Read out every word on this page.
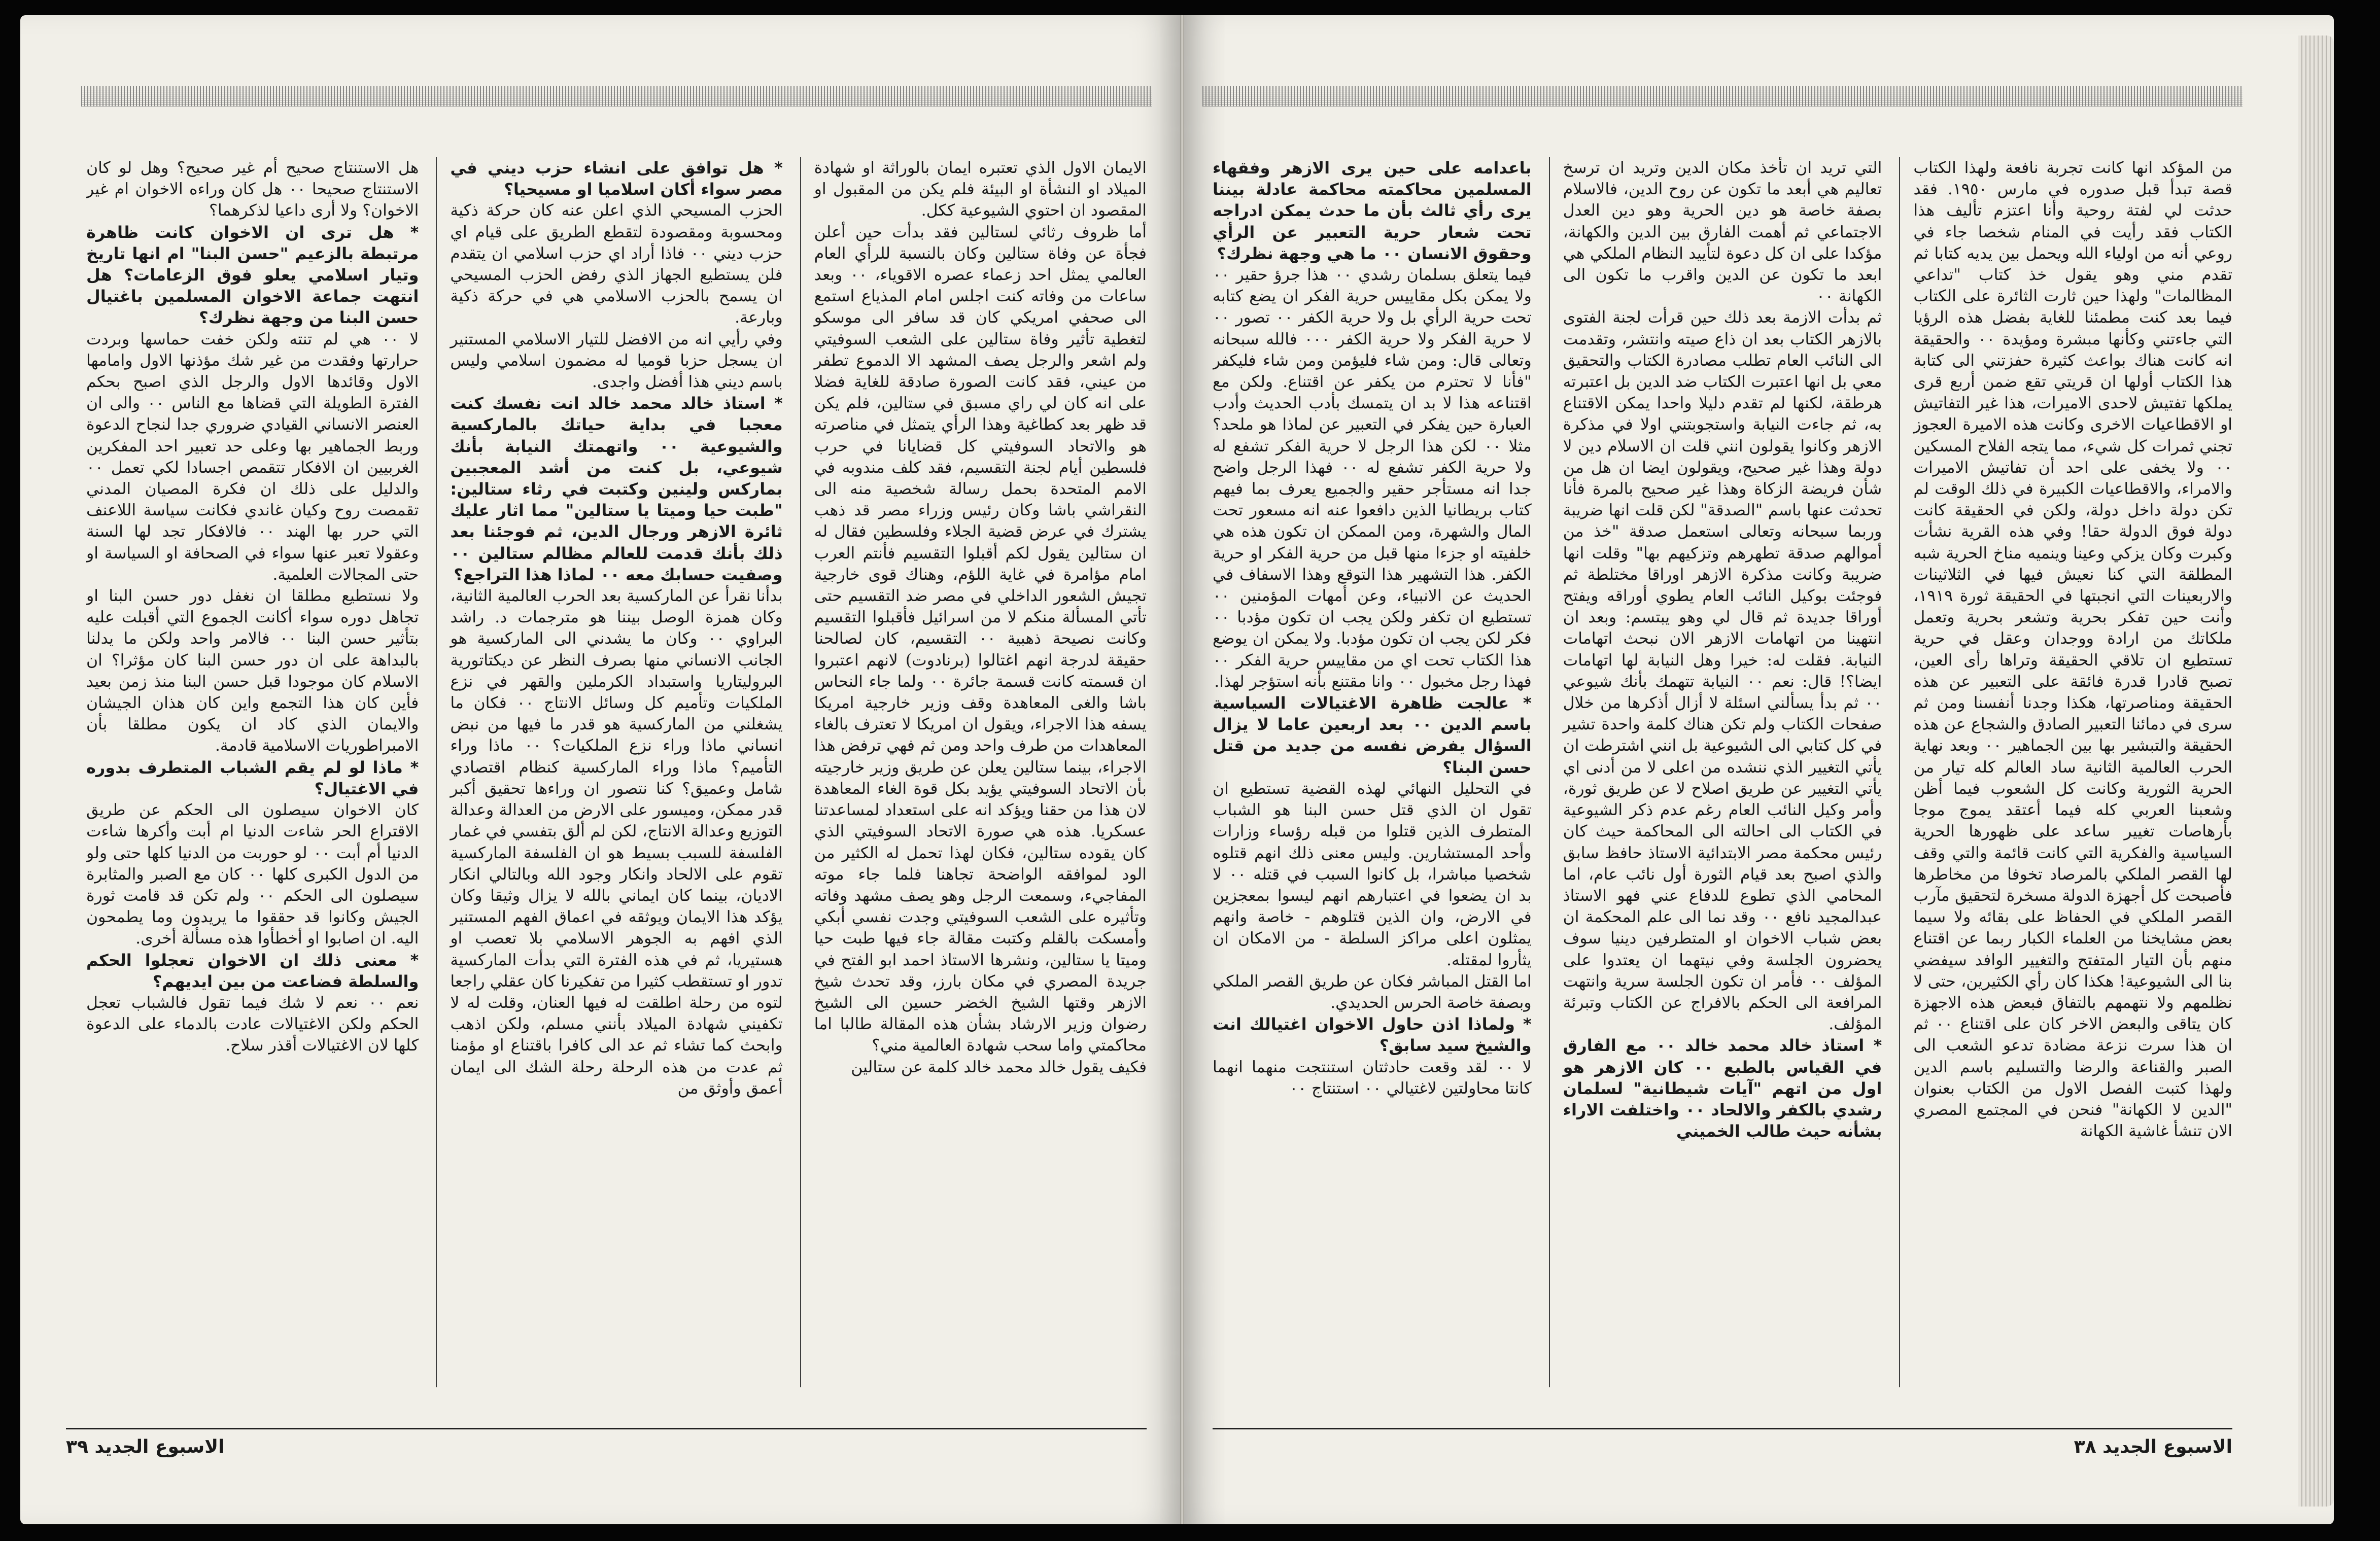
الايمان الاول الذي تعتبره ايمان بالوراثة او شهادة الميلاد او النشأة او البيئة فلم يكن من المقبول او المقصود ان احتوي الشيوعية ككل.

أما ظروف رثائي لستالين فقد بدأت حين أعلن فجأة عن وفاة ستالين وكان بالنسبة للرأي العام العالمي يمثل احد زعماء عصره الاقوياء، ٠٠ وبعد ساعات من وفاته كنت اجلس امام المذياع استمع الى صحفي امريكي كان قد سافر الى موسكو لتغطية تأثير وفاة ستالين على الشعب السوفيتي ولم اشعر والرجل يصف المشهد الا الدموع تطفر من عيني، فقد كانت الصورة صادقة للغاية فضلا على انه كان لي راي مسبق في ستالين، فلم يكن قد ظهر بعد كطاغية وهذا الرأي يتمثل في مناصرته هو والاتحاد السوفيتي كل قضايانا في حرب فلسطين أيام لجنة التقسيم، فقد كلف مندوبه في الامم المتحدة بحمل رسالة شخصية منه الى النقراشي باشا وكان رئيس وزراء مصر قد ذهب يشترك في عرض قضية الجلاء وفلسطين فقال له ان ستالين يقول لكم أقبلوا التقسيم فأنتم العرب امام مؤامرة في غاية اللؤم، وهناك قوى خارجية تجيش الشعور الداخلي في مصر ضد التقسيم حتى تأتي المسألة منكم لا من اسرائيل فأقبلوا التقسيم وكانت نصيحة ذهبية ٠٠ التقسيم، كان لصالحنا حقيقة لدرجة انهم اغتالوا (برنادوت) لانهم اعتبروا ان قسمته كانت قسمة جائرة ٠٠ ولما جاء النحاس باشا والغى المعاهدة وقف وزير خارجية امريكا يسفه هذا الاجراء، ويقول ان امريكا لا تعترف بالغاء المعاهدات من طرف واحد ومن ثم فهي ترفض هذا الاجراء، بينما ستالين يعلن عن طريق وزير خارجيته بأن الاتحاد السوفيتي يؤيد بكل قوة الغاء المعاهدة لان هذا من حقنا ويؤكد انه على استعداد لمساعدتنا عسكريا. هذه هي صورة الاتحاد السوفيتي الذي كان يقوده ستالين، فكان لهذا تحمل له الكثير من الود لموافقه الواضحة تجاهنا فلما جاء موته المفاجيء، وسمعت الرجل وهو يصف مشهد وفاته وتأثيره على الشعب السوفيتي وجدت نفسي أبكي وأمسكت بالقلم وكتبت مقالة جاء فيها طبت حيا وميتا يا ستالين، ونشرها الاستاذ احمد ابو الفتح في جريدة المصري في مكان بارز، وقد تحدث شيخ الازهر وقتها الشيخ الخضر حسين الى الشيخ رضوان وزير الارشاد بشأن هذه المقالة طالبا اما محاكمتي واما سحب شهادة العالمية مني؟

فكيف يقول خالد محمد خالد كلمة عن ستالين

* هل توافق على انشاء حزب ديني في مصر سواء أكان اسلاميا او مسيحيا؟

الحزب المسيحي الذي اعلن عنه كان حركة ذكية ومحسوبة ومقصودة لتقطع الطريق على قيام اي حزب ديني ٠٠ فاذا أراد اي حزب اسلامي ان يتقدم فلن يستطيع الجهاز الذي رفض الحزب المسيحي ان يسمح بالحزب الاسلامي هي في حركة ذكية وبارعة.

وفي رأيي انه من الافضل للتيار الاسلامي المستنير ان يسجل حزبا قوميا له مضمون اسلامي وليس باسم ديني هذا أفضل واجدى.

* استاذ خالد محمد خالد انت نفسك كنت معجبا في بداية حياتك بالماركسية والشيوعية ٠٠ واتهمتك النيابة بأنك شيوعي، بل كنت من أشد المعجبين بماركس ولينين وكتبت في رثاء ستالين: "طبت حيا وميتا يا ستالين" مما اثار عليك ثائرة الازهر ورجال الدين، ثم فوجئنا بعد ذلك بأنك قدمت للعالم مظالم ستالين ٠٠ وصفيت حسابك معه ٠٠ لماذا هذا التراجع؟

بدأنا نقرأ عن الماركسية بعد الحرب العالمية الثانية، وكان همزة الوصل بيننا هو مترجمات د. راشد البراوي ٠٠ وكان ما يشدني الى الماركسية هو الجانب الانساني منها بصرف النظر عن ديكتاتورية البروليتاريا واستبداد الكرملين والقهر في نزع الملكيات وتأميم كل وسائل الانتاج ٠٠ فكان ما يشغلني من الماركسية هو قدر ما فيها من نبض انساني ماذا وراء نزع الملكيات؟ ٠٠ ماذا وراء التأميم؟ ماذا وراء الماركسية كنظام اقتصادي شامل وعميق؟ كنا نتصور ان وراءها تحقيق أكبر قدر ممكن، وميسور على الارض من العدالة وعدالة التوزيع وعدالة الانتاج، لكن لم ألق بتفسي في غمار الفلسفة للسبب بسيط هو ان الفلسفة الماركسية تقوم على الالحاد وانكار وجود الله وبالتالي انكار الاديان، بينما كان ايماني بالله لا يزال وثيقا وكان يؤكد هذا الايمان ويوثقه في اعماق الفهم المستنير الذي افهم به الجوهر الاسلامي بلا تعصب او هستيريا، ثم في هذه الفترة التي بدأت الماركسية تدور او تستقطب كثيرا من تفكيرنا كان عقلي راجعا لتوه من رحلة اطلقت له فيها العنان، وقلت له لا تكفيني شهادة الميلاد بأنني مسلم، ولكن اذهب وابحث كما تشاء ثم عد الى كافرا باقتناع او مؤمنا ثم عدت من هذه الرحلة رحلة الشك الى ايمان أعمق وأوثق من

هل الاستنتاج صحيح أم غير صحيح؟ وهل لو كان الاستنتاج صحيحا ٠٠ هل كان وراءه الاخوان ام غير الاخوان؟ ولا أرى داعيا لذكرهما؟

* هل ترى ان الاخوان كانت ظاهرة مرتبطة بالزعيم "حسن البنا" ام انها تاريخ وتيار اسلامي يعلو فوق الزعامات؟ هل انتهت جماعة الاخوان المسلمين باغتيال حسن البنا من وجهة نظرك؟

لا ٠٠ هي لم تنته ولكن خفت حماسها وبردت حرارتها وفقدت من غير شك مؤذنها الاول وامامها الاول وقائدها الاول والرجل الذي اصبح بحكم الفترة الطويلة التي قضاها مع الناس ٠٠ والى ان العنصر الانساني القيادي ضروري جدا لنجاح الدعوة وربط الجماهير بها وعلى حد تعبير احد المفكرين الغربيين ان الافكار تتقمص اجسادا لكي تعمل ٠٠ والدليل على ذلك ان فكرة المصيان المدني تقمصت روح وكيان غاندي فكانت سياسة اللاعنف التي حرر بها الهند ٠٠ فالافكار تجد لها السنة وعقولا تعبر عنها سواء في الصحافة او السياسة او حتى المجالات العلمية.

ولا نستطيع مطلقا ان نغفل دور حسن البنا او تجاهل دوره سواء أكانت الجموع التي أقبلت عليه بتأثير حسن البنا ٠٠ فالامر واحد ولكن ما يدلنا بالبداهة على ان دور حسن البنا كان مؤثرا؟ ان الاسلام كان موجودا قبل حسن البنا منذ زمن بعيد فأين كان هذا التجمع واين كان هذان الجيشان والايمان الذي كاد ان يكون مطلقا بأن الامبراطوريات الاسلامية قادمة.

* ماذا لو لم يقم الشباب المتطرف بدوره في الاغتيال؟

كان الاخوان سيصلون الى الحكم عن طريق الاقتراع الحر شاءت الدنيا ام أبت وأكرها شاءت الدنيا أم أبت ٠٠ لو حوربت من الدنيا كلها حتى ولو من الدول الكبرى كلها ٠٠ كان مع الصبر والمثابرة سيصلون الى الحكم ٠٠ ولم تكن قد قامت ثورة الجيش وكانوا قد حققوا ما يريدون وما يطمحون اليه. ان اصابوا او أخطأوا هذه مسألة أخرى.

* معنى ذلك ان الاخوان تعجلوا الحكم والسلطة فضاعت من بين ايديهم؟

نعم ٠٠ نعم لا شك فيما تقول فالشباب تعجل الحكم ولكن الاغتيالات عادت بالدماء على الدعوة كلها لان الاغتيالات أقذر سلاح.

الاسبوع الجديد ٣٩

من المؤكد انها كانت تجربة نافعة ولهذا الكتاب قصة تبدأ قبل صدوره في مارس ١٩٥٠. فقد حدثت لي لفتة روحية وأنا اعتزم تأليف هذا الكتاب فقد رأيت في المنام شخصا جاء في روعي أنه من اولياء الله ويحمل بين يديه كتابا ثم تقدم مني وهو يقول خذ كتاب "تداعي المظالمات" ولهذا حين ثارت الثائرة على الكتاب فيما بعد كنت مطمئنا للغاية بفضل هذه الرؤيا التي جاءتني وكأنها مبشرة ومؤيدة ٠٠ والحقيقة انه كانت هناك بواعث كثيرة حفزتني الى كتابة هذا الكتاب أولها ان قريتي تقع ضمن أربع قرى يملكها تفتيش لاحدى الاميرات، هذا غير التفاتيش او الاقطاعيات الاخرى وكانت هذه الاميرة العجوز تجني ثمرات كل شيء، مما يتجه الفلاح المسكين ٠٠ ولا يخفى على احد أن تفاتيش الاميرات والامراء، والاقطاعيات الكبيرة في ذلك الوقت لم تكن دولة داخل دولة، ولكن في الحقيقة كانت دولة فوق الدولة حقا! وفي هذه القرية نشأت وكبرت وكان يزكي وعينا وينميه مناخ الحرية شبه المطلقة التي كنا نعيش فيها في الثلاثينات والاربعينات التي انجبتها في الحقيقة ثورة ١٩١٩، وأنت حين تفكر بحرية وتشعر بحرية وتعمل ملكاتك من ارادة ووجدان وعقل في حرية تستطيع ان تلاقي الحقيقة وتراها رأى العين، تصبح قادرا قدرة فائقة على التعبير عن هذه الحقيقة ومناصرتها، هكذا وجدنا أنفسنا ومن ثم سرى في دمائنا التعبير الصادق والشجاع عن هذه الحقيقة والتبشير بها بين الجماهير ٠٠ وبعد نهاية الحرب العالمية الثانية ساد العالم كله تيار من الحرية الثورية وكانت كل الشعوب فيما أظن وشعبنا العربي كله فيما أعتقد يموج موجا بأرهاصات تغيير ساعد على ظهورها الحرية السياسية والفكرية التي كانت قائمة والتي وقف لها القصر الملكي بالمرصاد تخوفا من مخاطرها فأصبحت كل أجهزة الدولة مسخرة لتحقيق مآرب القصر الملكي في الحفاظ على بقائه ولا سيما بعض مشايخنا من العلماء الكبار ربما عن اقتناع منهم بأن التيار المتفتح والتغيير الوافد سيفضي بنا الى الشيوعية! هكذا كان رأي الكثيرين، حتى لا نظلمهم ولا نتهمهم بالتفاق فبعض هذه الاجهزة كان يتاقى والبعض الاخر كان على اقتناع ٠٠ ثم ان هذا سرت نزعة مضادة تدعو الشعب الى الصبر والقناعة والرضا والتسليم باسم الدين ولهذا كتبت الفصل الاول من الكتاب بعنوان "الدين لا الكهانة" فنحن في المجتمع المصري الان تنشأ غاشية الكهانة

التي تريد ان تأخذ مكان الدين وتريد ان ترسخ تعاليم هي أبعد ما تكون عن روح الدين، فالاسلام بصفة خاصة هو دين الحرية وهو دين العدل الاجتماعي ثم أهمت الفارق بين الدين والكهانة، مؤكدا على ان كل دعوة لتأييد النظام الملكي هي ابعد ما تكون عن الدين واقرب ما تكون الى الكهانة ٠٠

ثم بدأت الازمة بعد ذلك حين قرأت لجنة الفتوى بالازهر الكتاب بعد ان ذاع صيته وانتشر، وتقدمت الى النائب العام تطلب مصادرة الكتاب والتحقيق معي بل انها اعتبرت الكتاب ضد الدين بل اعتبرته هرطقة، لكنها لم تقدم دليلا واحدا يمكن الاقتناع به، ثم جاءت النيابة واستجوبتني اولا في مذكرة الازهر وكانوا يقولون انني قلت ان الاسلام دين لا دولة وهذا غير صحيح، ويقولون ايضا ان هل من شأن فريضة الزكاة وهذا غير صحيح بالمرة فأنا تحدثت عنها باسم "الصدقة" لكن قلت انها ضريبة وربما سبحانه وتعالى استعمل صدقة "خذ من أموالهم صدقة تطهرهم وتزكيهم بها" وقلت انها ضريبة وكانت مذكرة الازهر اوراقا مختلطة ثم فوجئت بوكيل النائب العام يطوي أوراقه ويفتح أوراقا جديدة ثم قال لي وهو يبتسم: وبعد ان انتهينا من اتهامات الازهر الان نبحث اتهامات النيابة. فقلت له: خيرا وهل النيابة لها اتهامات ايضا؟! قال: نعم ٠٠ النيابة تتهمك بأنك شيوعي ٠٠ ثم بدأ يسألني اسئلة لا أزال أذكرها من خلال صفحات الكتاب ولم تكن هناك كلمة واحدة تشير في كل كتابي الى الشيوعية بل انني اشترطت ان يأتي التغيير الذي ننشده من اعلى لا من أدنى اي يأتي التغيير عن طريق اصلاح لا عن طريق ثورة، وأمر وكيل النائب العام رغم عدم ذكر الشيوعية في الكتاب الى احالته الى المحاكمة حيث كان رئيس محكمة مصر الابتدائية الاستاذ حافظ سابق والذي اصبح بعد قيام الثورة أول نائب عام، اما المحامي الذي تطوع للدفاع عني فهو الاستاذ عبدالمجيد نافع ٠٠ وقد نما الى علم المحكمة ان بعض شباب الاخوان او المتطرفين دينيا سوف يحضرون الجلسة وفي نيتهما ان يعتدوا على المؤلف ٠٠ فأمر ان تكون الجلسة سرية وانتهت المرافعة الى الحكم بالافراج عن الكتاب وتبرئة المؤلف.

* استاذ خالد محمد خالد ٠٠ مع الفارق في القياس بالطبع ٠٠ كان الازهر هو اول من اتهم "آيات شيطانية" لسلمان رشدي بالكفر والالحاد ٠٠ واختلفت الاراء بشأنه حيث طالب الخميني

باعدامه على حين يرى الازهر وفقهاء المسلمين محاكمته محاكمة عادلة بيننا يرى رأي ثالث بأن ما حدث يمكن ادراجه تحت شعار حرية التعبير عن الرأي وحقوق الانسان ٠٠ ما هي وجهة نظرك؟

فيما يتعلق بسلمان رشدي ٠٠ هذا جرؤ حقير ٠٠ ولا يمكن بكل مقاييس حرية الفكر ان يضع كتابه تحت حرية الرأي بل ولا حرية الكفر ٠٠ تصور ٠٠ لا حرية الفكر ولا حرية الكفر ٠٠٠ فالله سبحانه وتعالى قال: ومن شاء فليؤمن ومن شاء فليكفر "فأنا لا تحترم من يكفر عن اقتناع. ولكن مع اقتناعه هذا لا بد ان يتمسك بأدب الحديث وأدب العبارة حين يفكر في التعبير عن لماذا هو ملحد؟ مثلا ٠٠ لكن هذا الرجل لا حرية الفكر تشفع له ولا حرية الكفر تشفع له ٠٠ فهذا الرجل واضح جدا انه مستأجر حقير والجميع يعرف بما فيهم كتاب بريطانيا الذين دافعوا عنه انه مسعور تحت المال والشهرة، ومن الممكن ان تكون هذه هي خلفيته او جزءا منها قبل من حرية الفكر او حرية الكفر. هذا التشهير هذا التوقع وهذا الاسفاف في الحديث عن الانبياء، وعن أمهات المؤمنين ٠٠ تستطيع ان تكفر ولكن يجب ان تكون مؤدبا ٠٠ فكر لكن يجب ان تكون مؤدبا. ولا يمكن ان يوضع هذا الكتاب تحت اي من مقاييس حرية الفكر ٠٠ فهذا رجل مخبول ٠٠ وانا مقتنع بأنه استؤجر لهذا.

* عالجت ظاهرة الاغتيالات السياسية باسم الدين ٠٠ بعد اربعين عاما لا يزال السؤال يفرض نفسه من جديد من قتل حسن البنا؟

في التحليل النهائي لهذه القضية تستطيع ان تقول ان الذي قتل حسن البنا هو الشباب المتطرف الذين قتلوا من قبله رؤساء وزارات وأحد المستشارين. وليس معنى ذلك انهم قتلوه شخصيا مباشرا، بل كانوا السبب في قتله ٠٠ لا بد ان يضعوا في اعتبارهم انهم ليسوا بمعجزين في الارض، وان الذين قتلوهم - خاصة وانهم يمثلون اعلى مراكز السلطة - من الامكان ان يثأروا لمقتله.

اما القتل المباشر فكان عن طريق القصر الملكي وبصفة خاصة الحرس الحديدي.

* ولماذا اذن حاول الاخوان اغتيالك انت والشيخ سيد سابق؟

لا ٠٠ لقد وقعت حادثتان استنتجت منهما انهما كانتا محاولتين لاغتيالي ٠٠ استنتاج ٠٠

الاسبوع الجديد ٣٨
